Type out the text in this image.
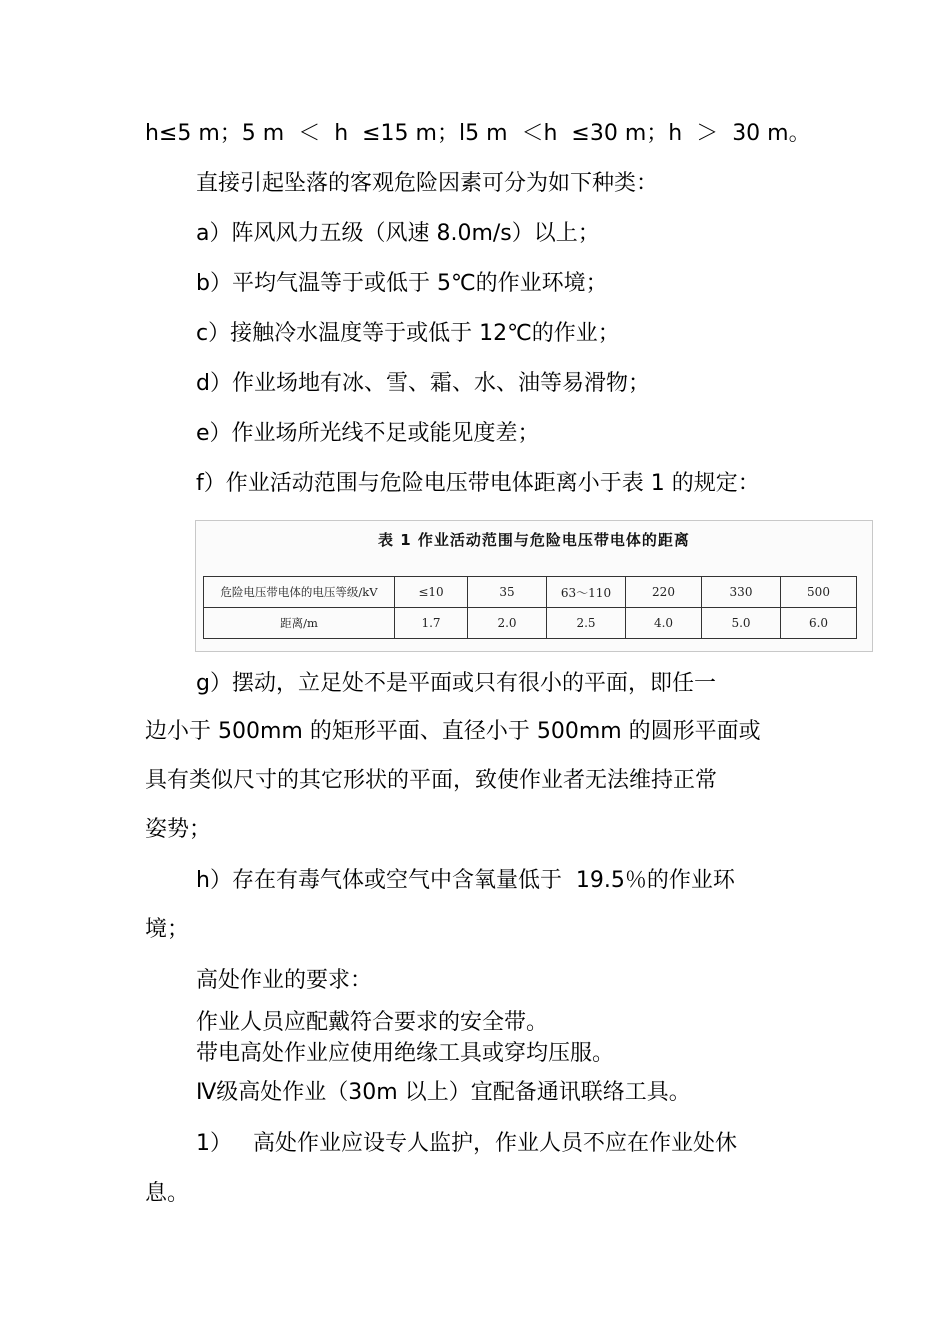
h≤5 m；5 m  ＜  h  ≤15 m；l5 m  ＜h  ≤30 m；h  ＞  30 m。
直接引起坠落的客观危险因素可分为如下种类：
a）阵风风力五级（风速 8.0m/s）以上；
b）平均气温等于或低于 5℃的作业环境；
c）接触冷水温度等于或低于 12℃的作业；
d）作业场地有冰、雪、霜、水、油等易滑物；
e）作业场所光线不足或能见度差；
f）作业活动范围与危险电压带电体距离小于表 1 的规定：
表 1 作业活动范围与危险电压带电体的距离
危险电压带电体的电压等级/kV	≤10	35	63～110	220	330	500
距离/m	1.7	2.0	2.5	4.0	5.0	6.0
g）摆动，立足处不是平面或只有很小的平面，即任一
边小于 500mm 的矩形平面、直径小于 500mm 的圆形平面或
具有类似尺寸的其它形状的平面，致使作业者无法维持正常
姿势；
h）存在有毒气体或空气中含氧量低于  19.5％的作业环
境；
高处作业的要求：
作业人员应配戴符合要求的安全带。
带电高处作业应使用绝缘工具或穿均压服。
Ⅳ级高处作业（30m 以上）宜配备通讯联络工具。
1）   高处作业应设专人监护，作业人员不应在作业处休
息。
